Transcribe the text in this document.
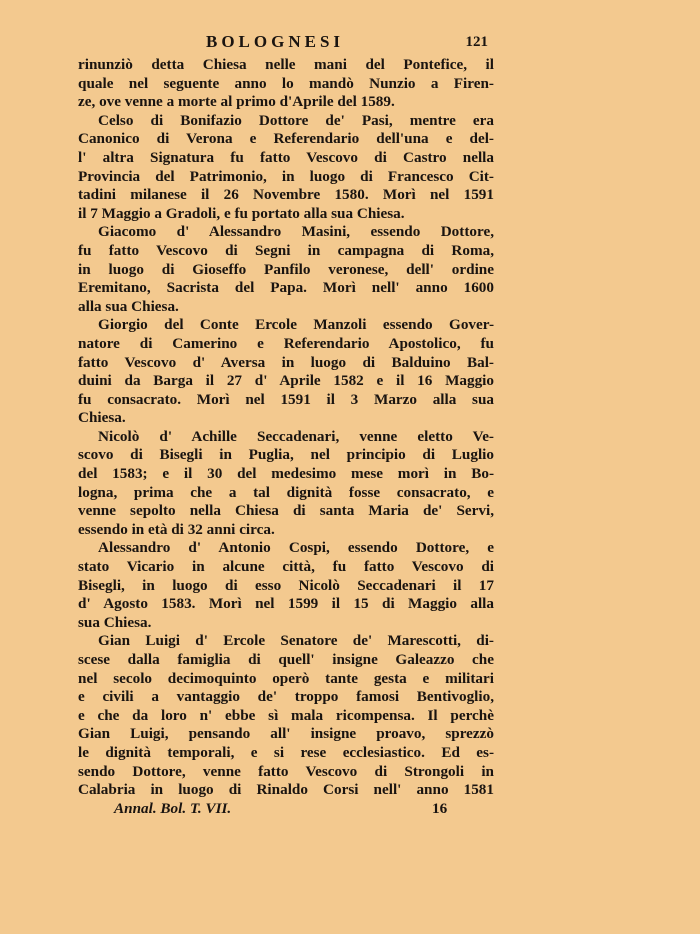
BOLOGNESI	121
rinunziò detta Chiesa nelle mani del Pontefice, il
quale nel seguente anno lo mandò Nunzio a Firen-
ze, ove venne a morte al primo d'Aprile del 1589.
Celso di Bonifazio Dottore de' Pasi, mentre era
Canonico di Verona e Referendario dell'una e del-
l' altra Signatura fu fatto Vescovo di Castro nella
Provincia del Patrimonio, in luogo di Francesco Cit-
tadini milanese il 26 Novembre 1580. Morì nel 1591
il 7 Maggio a Gradoli, e fu portato alla sua Chiesa.
Giacomo d' Alessandro Masini, essendo Dottore,
fu fatto Vescovo di Segni in campagna di Roma,
in luogo di Gioseffo Panfilo veronese, dell' ordine
Eremitano, Sacrista del Papa. Morì nell' anno 1600
alla sua Chiesa.
Giorgio del Conte Ercole Manzoli essendo Gover-
natore di Camerino e Referendario Apostolico, fu
fatto Vescovo d' Aversa in luogo di Balduino Bal-
duini da Barga il 27 d' Aprile 1582 e il 16 Maggio
fu consacrato. Morì nel 1591 il 3 Marzo alla sua
Chiesa.
Nicolò d' Achille Seccadenari, venne eletto Ve-
scovo di Bisegli in Puglia, nel principio di Luglio
del 1583; e il 30 del medesimo mese morì in Bo-
logna, prima che a tal dignità fosse consacrato, e
venne sepolto nella Chiesa di santa Maria de' Servi,
essendo in età di 32 anni circa.
Alessandro d' Antonio Cospi, essendo Dottore, e
stato Vicario in alcune città, fu fatto Vescovo di
Bisegli, in luogo di esso Nicolò Seccadenari il 17
d' Agosto 1583. Morì nel 1599 il 15 di Maggio alla
sua Chiesa.
Gian Luigi d' Ercole Senatore de' Marescotti, di-
scese dalla famiglia di quell' insigne Galeazzo che
nel secolo decimoquinto operò tante gesta e militari
e civili a vantaggio de' troppo famosi Bentivoglio,
e che da loro n' ebbe sì mala ricompensa. Il perchè
Gian Luigi, pensando all' insigne proavo, sprezzò
le dignità temporali, e si rese ecclesiastico. Ed es-
sendo Dottore, venne fatto Vescovo di Strongoli in
Calabria in luogo di Rinaldo Corsi nell' anno 1581
Annal. Bol. T. VII.	16
